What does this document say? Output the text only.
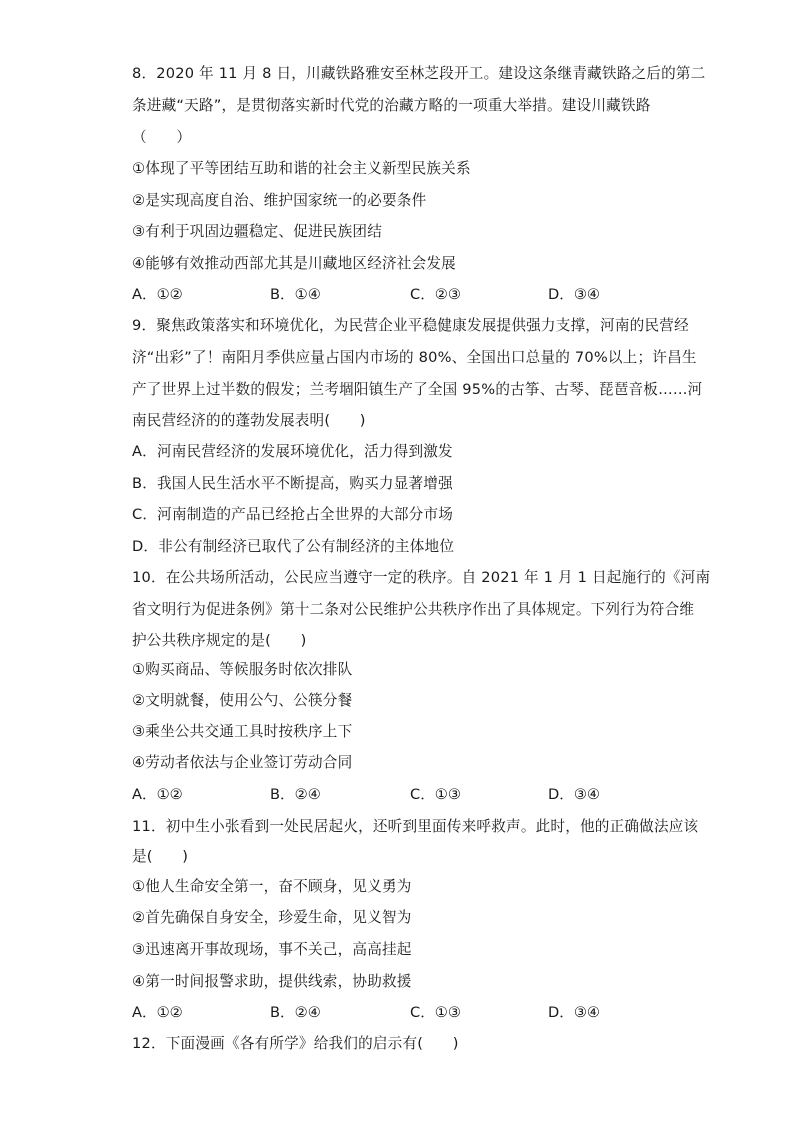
8．2020 年 11 月 8 日，川藏铁路雅安至林芝段开工。建设这条继青藏铁路之后的第二
条进藏“天路”，是贯彻落实新时代党的治藏方略的一项重大举措。建设川藏铁路
（　　）
①体现了平等团结互助和谐的社会主义新型民族关系
②是实现高度自治、维护国家统一的必要条件
③有利于巩固边疆稳定、促进民族团结
④能够有效推动西部尤其是川藏地区经济社会发展
A．①②	B．①④	C．②③	D．③④
9．聚焦政策落实和环境优化，为民营企业平稳健康发展提供强力支撑，河南的民营经
济“出彩”了！南阳月季供应量占国内市场的 80%、全国出口总量的 70%以上；许昌生
产了世界上过半数的假发；兰考堌阳镇生产了全国 95%的古筝、古琴、琵琶音板……河
南民营经济的的蓬勃发展表明(　　)
A．河南民营经济的发展环境优化，活力得到激发
B．我国人民生活水平不断提高，购买力显著增强
C．河南制造的产品已经抢占全世界的大部分市场
D．非公有制经济已取代了公有制经济的主体地位
10．在公共场所活动，公民应当遵守一定的秩序。自 2021 年 1 月 1 日起施行的《河南
省文明行为促进条例》第十二条对公民维护公共秩序作出了具体规定。下列行为符合维
护公共秩序规定的是(　　)
①购买商品、等候服务时依次排队
②文明就餐，使用公勺、公筷分餐
③乘坐公共交通工具时按秩序上下
④劳动者依法与企业签订劳动合同
A．①②	B．②④	C．①③	D．③④
11．初中生小张看到一处民居起火，还听到里面传来呼救声。此时，他的正确做法应该
是(　　)
①他人生命安全第一，奋不顾身，见义勇为
②首先确保自身安全，珍爱生命，见义智为
③迅速离开事故现场，事不关己，高高挂起
④第一时间报警求助，提供线索，协助救援
A．①②	B．②④	C．①③	D．③④
12．下面漫画《各有所学》给我们的启示有(　　)
